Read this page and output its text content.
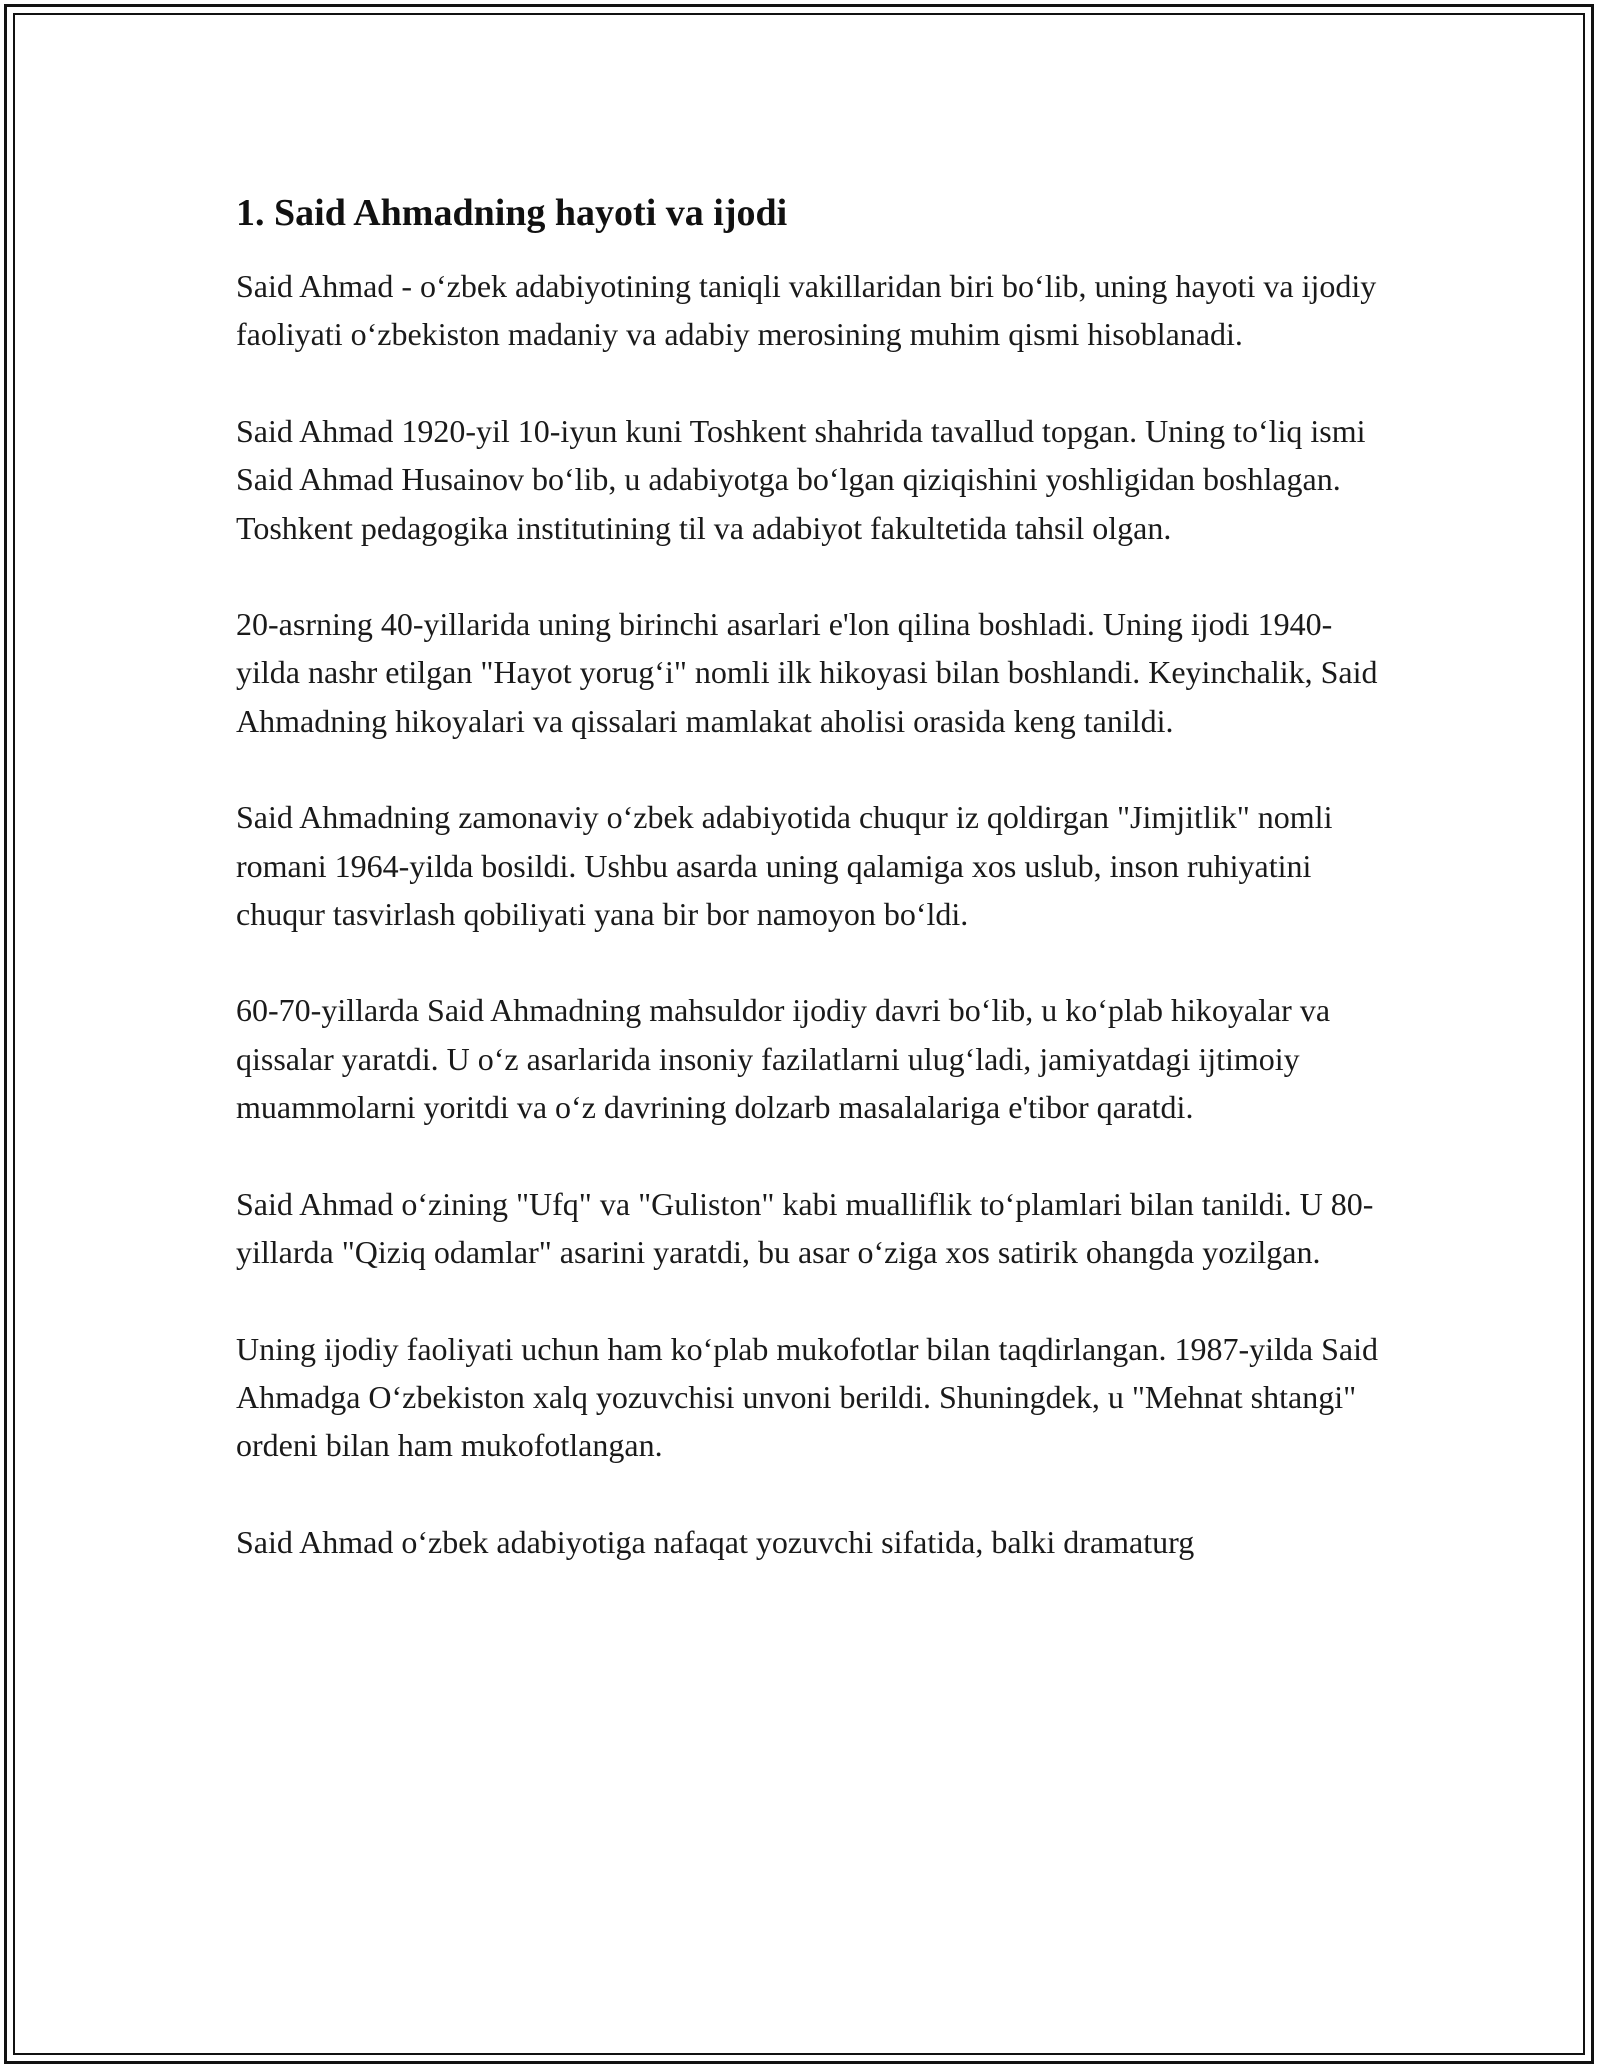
1. Said Ahmadning hayoti va ijodi

Said Ahmad - o‘zbek adabiyotining taniqli vakillaridan biri bo‘lib, uning hayoti va ijodiy faoliyati o‘zbekiston madaniy va adabiy merosining muhim qismi hisoblanadi.

Said Ahmad 1920-yil 10-iyun kuni Toshkent shahrida tavallud topgan. Uning to‘liq ismi Said Ahmad Husainov bo‘lib, u adabiyotga bo‘lgan qiziqishini yoshligidan boshlagan. Toshkent pedagogika institutining til va adabiyot fakultetida tahsil olgan.

20-asrning 40-yillarida uning birinchi asarlari e'lon qilina boshladi. Uning ijodi 1940-yilda nashr etilgan "Hayot yorug‘i" nomli ilk hikoyasi bilan boshlandi. Keyinchalik, Said Ahmadning hikoyalari va qissalari mamlakat aholisi orasida keng tanildi.

Said Ahmadning zamonaviy o‘zbek adabiyotida chuqur iz qoldirgan "Jimjitlik" nomli romani 1964-yilda bosildi. Ushbu asarda uning qalamiga xos uslub, inson ruhiyatini chuqur tasvirlash qobiliyati yana bir bor namoyon bo‘ldi.

60-70-yillarda Said Ahmadning mahsuldor ijodiy davri bo‘lib, u ko‘plab hikoyalar va qissalar yaratdi. U o‘z asarlarida insoniy fazilatlarni ulug‘ladi, jamiyatdagi ijtimoiy muammolarni yoritdi va o‘z davrining dolzarb masalalariga e'tibor qaratdi.

Said Ahmad o‘zining "Ufq" va "Guliston" kabi mualliflik to‘plamlari bilan tanildi. U 80-yillarda "Qiziq odamlar" asarini yaratdi, bu asar o‘ziga xos satirik ohangda yozilgan.

Uning ijodiy faoliyati uchun ham ko‘plab mukofotlar bilan taqdirlangan. 1987-yilda Said Ahmadga O‘zbekiston xalq yozuvchisi unvoni berildi. Shuningdek, u "Mehnat shtangi" ordeni bilan ham mukofotlangan.

Said Ahmad o‘zbek adabiyotiga nafaqat yozuvchi sifatida, balki dramaturg
